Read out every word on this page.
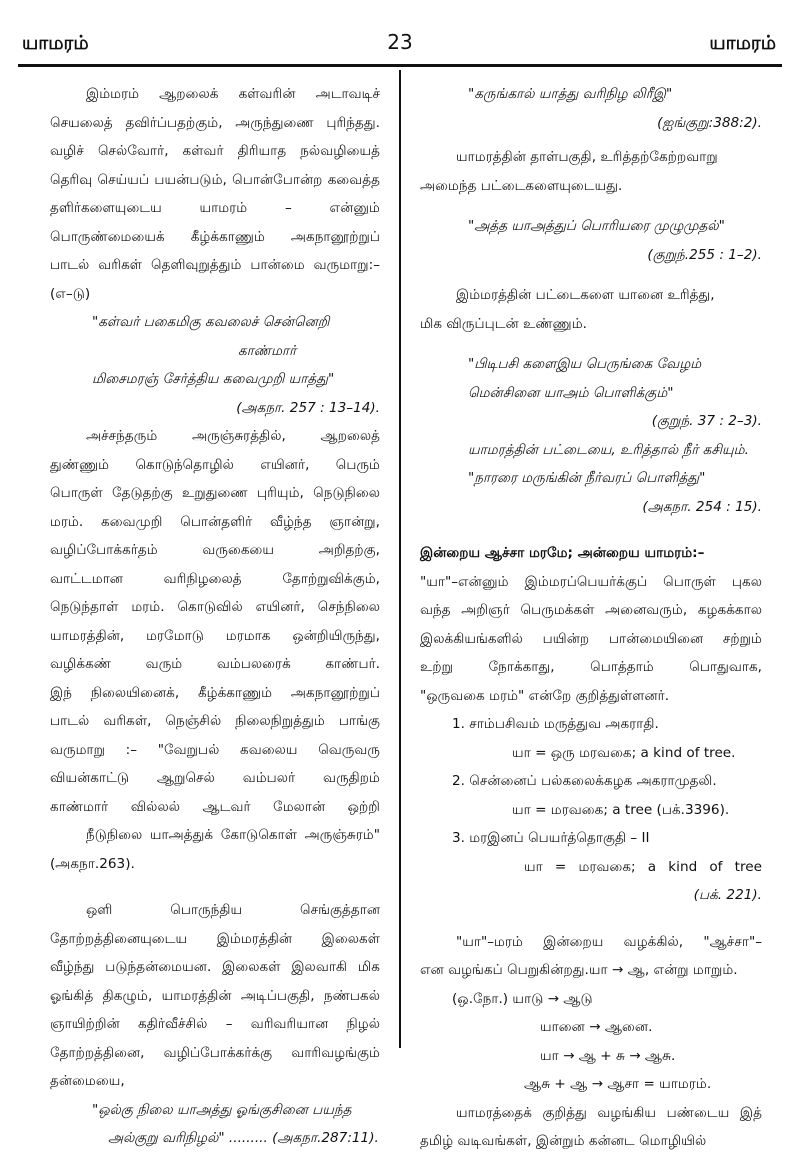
யாமரம்	23	யாமரம்

இம்மரம் ஆறலைக் கள்வரின் அடாவடிச்

செயலைத் தவிர்ப்பதற்கும், அருந்துணை புரிந்தது.

வழிச் செல்வோர், கள்வர் திரியாத நல்வழியைத்

தெரிவு செய்யப் பயன்படும், பொன்போன்ற கவைத்த

தளிர்களையுடைய யாமரம் – என்னும்

பொருண்மையைக் கீழ்க்காணும் அகநானூற்றுப்

பாடல் வரிகள் தெளிவுறுத்தும் பான்மை வருமாறு:–

(எ–டு)

"கள்வர் பகைமிகு கவலைச் சென்னெறி

காண்மார்

மிசைமரஞ் சேர்த்திய கவைமுறி யாத்து"

(அகநா. 257 : 13–14).

அச்சந்தரும் அருஞ்சுரத்தில், ஆறலைத்

துண்ணும் கொடுந்தொழில் எயினர், பெரும்

பொருள் தேடுதற்கு உறுதுணை புரியும், நெடுநிலை

மரம். கவைமுறி பொன்தளிர் வீழ்ந்த ஞான்று,

வழிப்போக்கர்தம் வருகையை அறிதற்கு,

வாட்டமான வரிநிழலைத் தோற்றுவிக்கும்,

நெடுந்தாள் மரம். கொடுவில் எயினர், செந்நிலை

யாமரத்தின், மரமோடு மரமாக ஒன்றியிருந்து,

வழிக்கண் வரும் வம்பலரைக் காண்பர்.

இந் நிலையினைக், கீழ்க்காணும் அகநானூற்றுப்

பாடல் வரிகள், நெஞ்சில் நிலைநிறுத்தும் பாங்கு

வருமாறு :– "வேறுபல் கவலைய வெருவரு

வியன்காட்டு ஆறுசெல் வம்பலர் வருதிறம்

காண்மார் வில்லல் ஆடவர் மேலான் ஒற்றி

நீடுநிலை யாஅத்துக் கோடுகொள் அருஞ்சுரம்"

(அகநா.263).

ஒளி பொருந்திய செங்குத்தான

தோற்றத்தினையுடைய இம்மரத்தின் இலைகள்

வீழ்ந்து படுந்தன்மையன. இலைகள் இலவாகி மிக

ஓங்கித் திகழும், யாமரத்தின் அடிப்பகுதி, நண்பகல்

ஞாயிற்றின் கதிர்வீச்சில் – வரிவரியான நிழல்

தோற்றத்தினை, வழிப்போக்கர்க்கு வாரிவழங்கும்

தன்மையை,

"ஒல்கு நிலை யாஅத்து ஓங்குசினை பயந்த

அல்குறு வரிநிழல்" ......... (அகநா.287:11).

"கருங்கால் யாத்து வரிநிழ லிரீஇ"

(ஐங்குறு:388:2).

யாமரத்தின் தாள்பகுதி, உரித்தற்கேற்றவாறு

அமைந்த பட்டைகளையுடையது.

"அத்த யாஅத்துப் பொரியரை முழுமுதல்"

(குறுந்.255 : 1–2).

இம்மரத்தின் பட்டைகளை யானை உரித்து,

மிக விருப்புடன் உண்ணும்.

"பிடிபசி களைஇய பெருங்கை வேழம்

மென்சினை யாஅம் பொளிக்கும்"

(குறுந். 37 : 2–3).

யாமரத்தின் பட்டையை, உரித்தால் நீர் கசியும்.

"நாரரை மருங்கின் நீர்வரப் பொளித்து"

(அகநா. 254 : 15).

இன்றைய ஆச்சா மரமே; அன்றைய யாமரம்:–

"யா"–என்னும் இம்மரப்பெயர்க்குப் பொருள் புகல

வந்த அறிஞர் பெருமக்கள் அனைவரும், கழகக்கால

இலக்கியங்களில் பயின்ற பான்மையினை சற்றும்

உற்று நோக்காது, பொத்தாம் பொதுவாக,

"ஒருவகை மரம்" என்றே குறித்துள்ளனர்.

1. சாம்பசிவம் மருத்துவ அகராதி.

யா = ஒரு மரவகை; a kind of tree.

2. சென்னைப் பல்கலைக்கழக அகராமுதலி.

யா = மரவகை; a tree (பக்.3396).

3. மரஇனப் பெயர்த்தொகுதி – II

யா = மரவகை; a kind of tree

(பக். 221).

"யா"–மரம் இன்றைய வழக்கில், "ஆச்சா"–

என வழங்கப் பெறுகின்றது.யா → ஆ, என்று மாறும்.

(ஒ.நோ.) யாடு → ஆடு

யானை → ஆனை.

யா → ஆ + சு → ஆசு.

ஆசு + ஆ → ஆசா = யாமரம்.

யாமரத்தைக் குறித்து வழங்கிய பண்டைய இத்

தமிழ் வடிவங்கள், இன்றும் கன்னட மொழியில்
